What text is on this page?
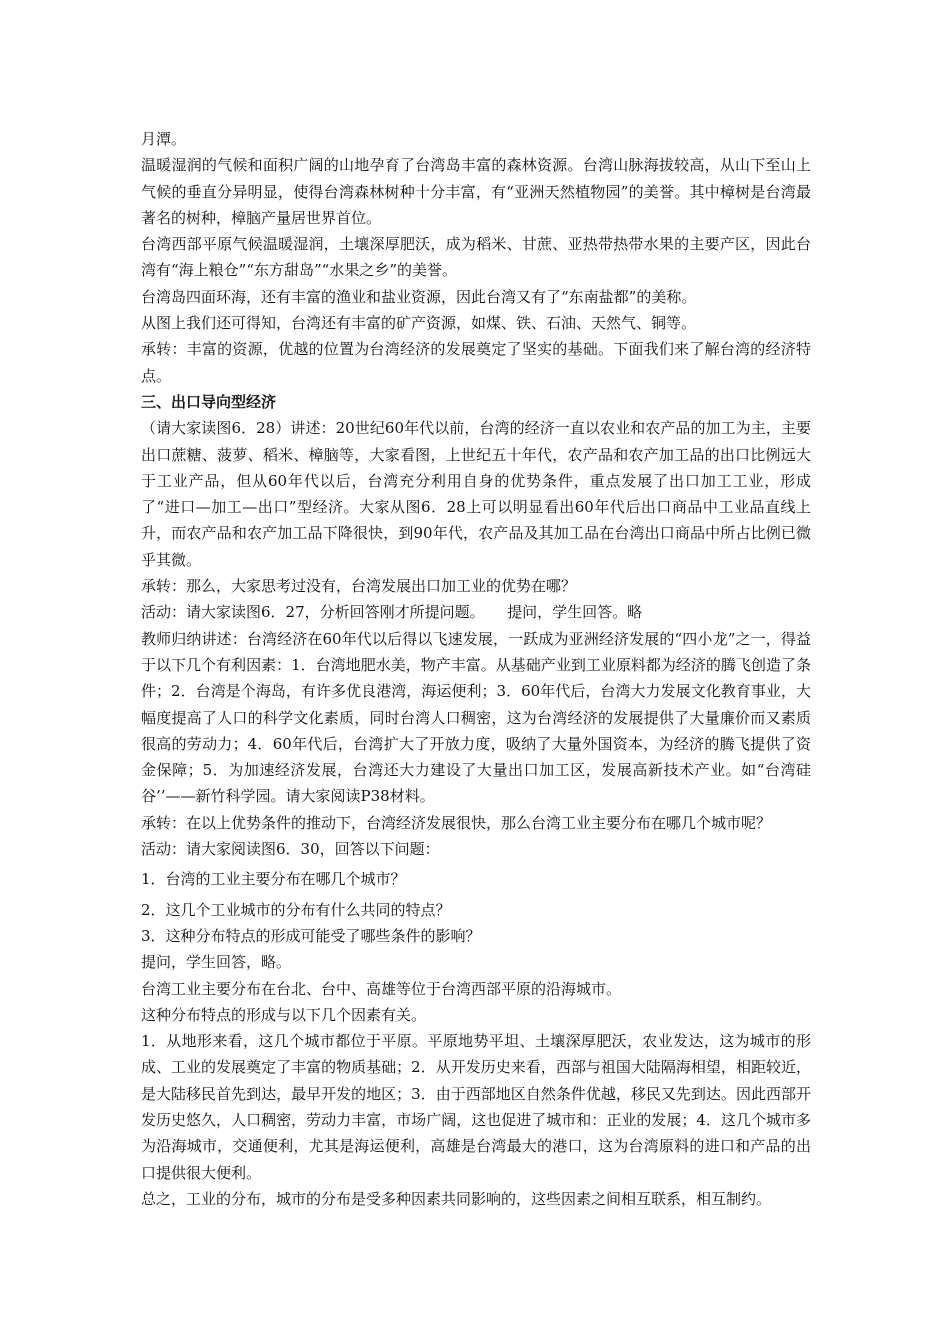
月潭。

温暖湿润的气候和面积广阔的山地孕育了台湾岛丰富的森林资源。台湾山脉海拔较高，从山下至山上气候的垂直分异明显，使得台湾森林树种十分丰富，有“亚洲天然植物园”的美誉。其中樟树是台湾最著名的树种，樟脑产量居世界首位。

台湾西部平原气候温暖湿润，土壤深厚肥沃，成为稻米、甘蔗、亚热带热带水果的主要产区，因此台湾有“海上粮仓”“东方甜岛”“水果之乡”的美誉。

台湾岛四面环海，还有丰富的渔业和盐业资源，因此台湾又有了“东南盐都”的美称。

从图上我们还可得知，台湾还有丰富的矿产资源，如煤、铁、石油、天然气、铜等。

承转：丰富的资源，优越的位置为台湾经济的发展奠定了坚实的基础。下面我们来了解台湾的经济特点。

三、出口导向型经济

（请大家读图6．28）讲述：20世纪60年代以前，台湾的经济一直以农业和农产品的加工为主，主要出口蔗糖、菠萝、稻米、樟脑等，大家看图，上世纪五十年代，农产品和农产加工品的出口比例远大于工业产品，但从60年代以后，台湾充分利用自身的优势条件，重点发展了出口加工工业，形成了“进口—加工—出口”型经济。大家从图6．28上可以明显看出60年代后出口商品中工业品直线上升，而农产品和农产加工品下降很快，到90年代，农产品及其加工品在台湾出口商品中所占比例已微乎其微。

承转：那么，大家思考过没有，台湾发展出口加工业的优势在哪？

活动：请大家读图6．27，分析回答刚才所提问题。　　提问，学生回答。略

教师归纳讲述：台湾经济在60年代以后得以飞速发展，一跃成为亚洲经济发展的“四小龙”之一，得益于以下几个有利因素：1．台湾地肥水美，物产丰富。从基础产业到工业原料都为经济的腾飞创造了条件；2．台湾是个海岛，有许多优良港湾，海运便利；3．60年代后，台湾大力发展文化教育事业，大幅度提高了人口的科学文化素质，同时台湾人口稠密，这为台湾经济的发展提供了大量廉价而又素质很高的劳动力；4．60年代后，台湾扩大了开放力度，吸纳了大量外国资本，为经济的腾飞提供了资金保障；5．为加速经济发展，台湾还大力建设了大量出口加工区，发展高新技术产业。如“台湾硅谷’’——新竹科学园。请大家阅读P38材料。

承转：在以上优势条件的推动下，台湾经济发展很快，那么台湾工业主要分布在哪几个城市呢？

活动：请大家阅读图6．30，回答以下问题：

1．台湾的工业主要分布在哪几个城市？

2．这几个工业城市的分布有什么共同的特点？

3．这种分布特点的形成可能受了哪些条件的影响？

提问，学生回答，略。

台湾工业主要分布在台北、台中、高雄等位于台湾西部平原的沿海城市。

这种分布特点的形成与以下几个因素有关。

1．从地形来看，这几个城市都位于平原。平原地势平坦、土壤深厚肥沃，农业发达，这为城市的形成、工业的发展奠定了丰富的物质基础；2．从开发历史来看，西部与祖国大陆隔海相望，相距较近，是大陆移民首先到达，最早开发的地区；3．由于西部地区自然条件优越，移民又先到达。因此西部开发历史悠久，人口稠密，劳动力丰富，市场广阔，这也促进了城市和：正业的发展；4．这几个城市多为沿海城市，交通便利，尤其是海运便利，高雄是台湾最大的港口，这为台湾原料的进口和产品的出口提供很大便利。

总之，工业的分布，城市的分布是受多种因素共同影响的，这些因素之间相互联系，相互制约。
